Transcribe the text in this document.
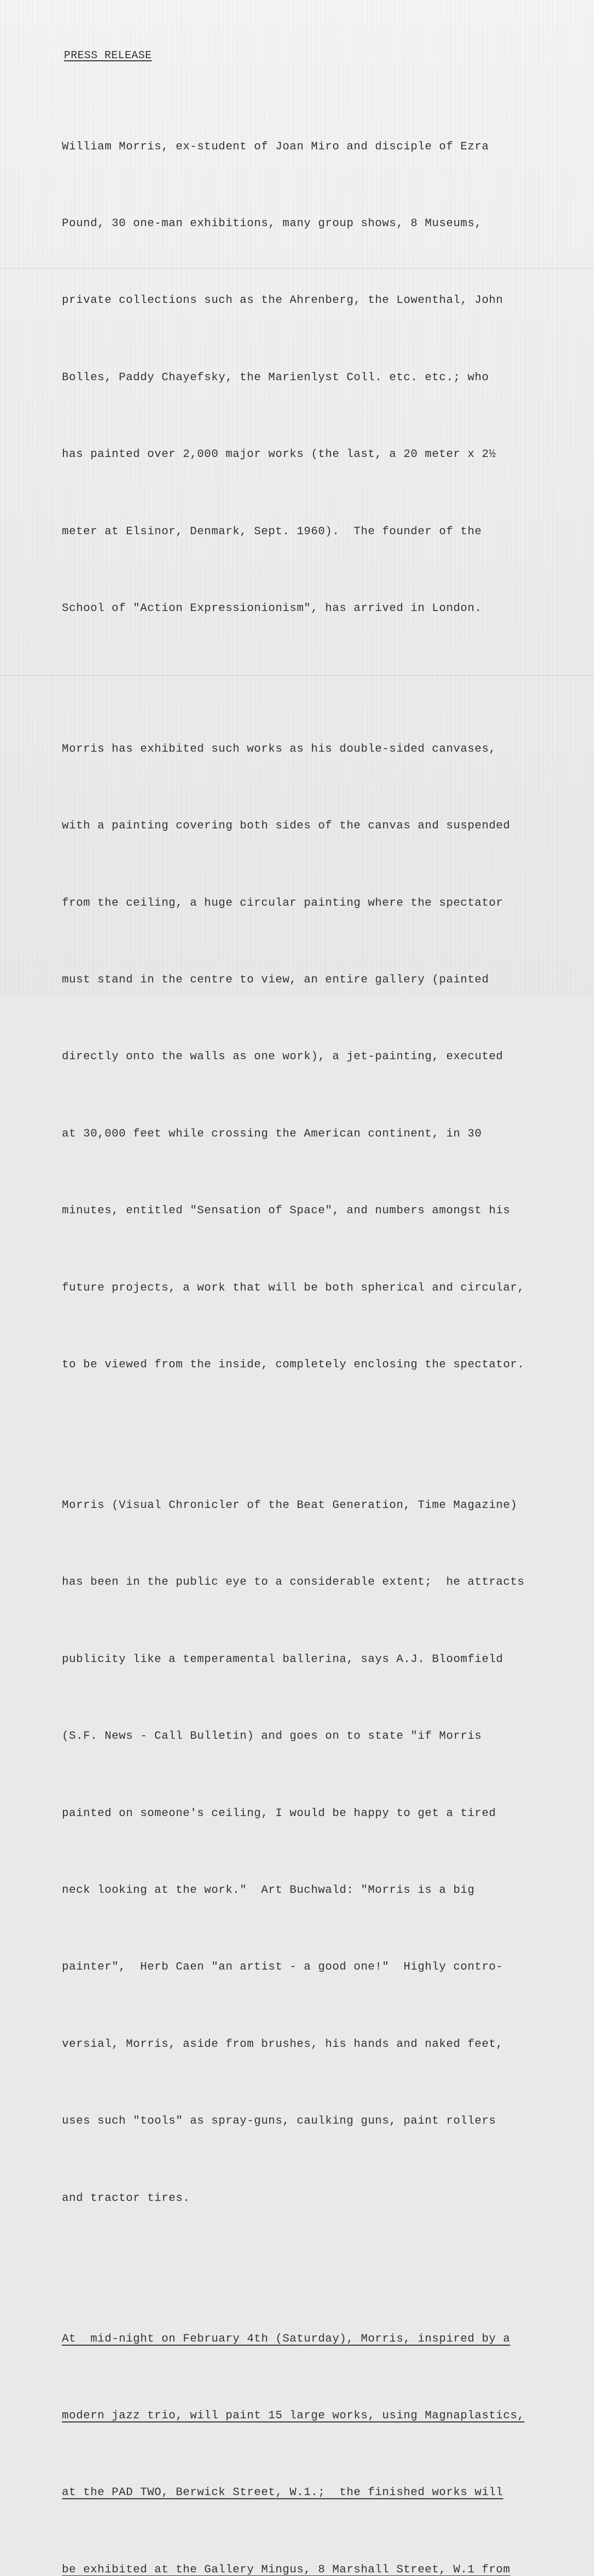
PRESS RELEASE

William Morris, ex-student of Joan Miro and disciple of Ezra

Pound, 30 one-man exhibitions, many group shows, 8 Museums,

private collections such as the Ahrenberg, the Lowenthal, John

Bolles, Paddy Chayefsky, the Marienlyst Coll. etc. etc.; who

has painted over 2,000 major works (the last, a 20 meter x 2½

meter at Elsinor, Denmark, Sept. 1960).  The founder of the

School of "Action Expressionionism", has arrived in London.

Morris has exhibited such works as his double-sided canvases,

with a painting covering both sides of the canvas and suspended

from the ceiling, a huge circular painting where the spectator

must stand in the centre to view, an entire gallery (painted

directly onto the walls as one work), a jet-painting, executed

at 30,000 feet while crossing the American continent, in 30

minutes, entitled "Sensation of Space", and numbers amongst his

future projects, a work that will be both spherical and circular,

to be viewed from the inside, completely enclosing the spectator.

Morris (Visual Chronicler of the Beat Generation, Time Magazine)

has been in the public eye to a considerable extent;  he attracts

publicity like a temperamental ballerina, says A.J. Bloomfield

(S.F. News - Call Bulletin) and goes on to state "if Morris

painted on someone's ceiling, I would be happy to get a tired

neck looking at the work."  Art Buchwald: "Morris is a big

painter",  Herb Caen "an artist - a good one!"  Highly contro-

versial, Morris, aside from brushes, his hands and naked feet,

uses such "tools" as spray-guns, caulking guns, paint rollers

and tractor tires.

At  mid-night on February 4th (Saturday), Morris, inspired by a

modern jazz trio, will paint 15 large works, using Magnaplastics,

at the PAD TWO, Berwick Street, W.1.;  the finished works will

be exhibited at the Gallery Mingus, 8 Marshall Street, W.1 from
